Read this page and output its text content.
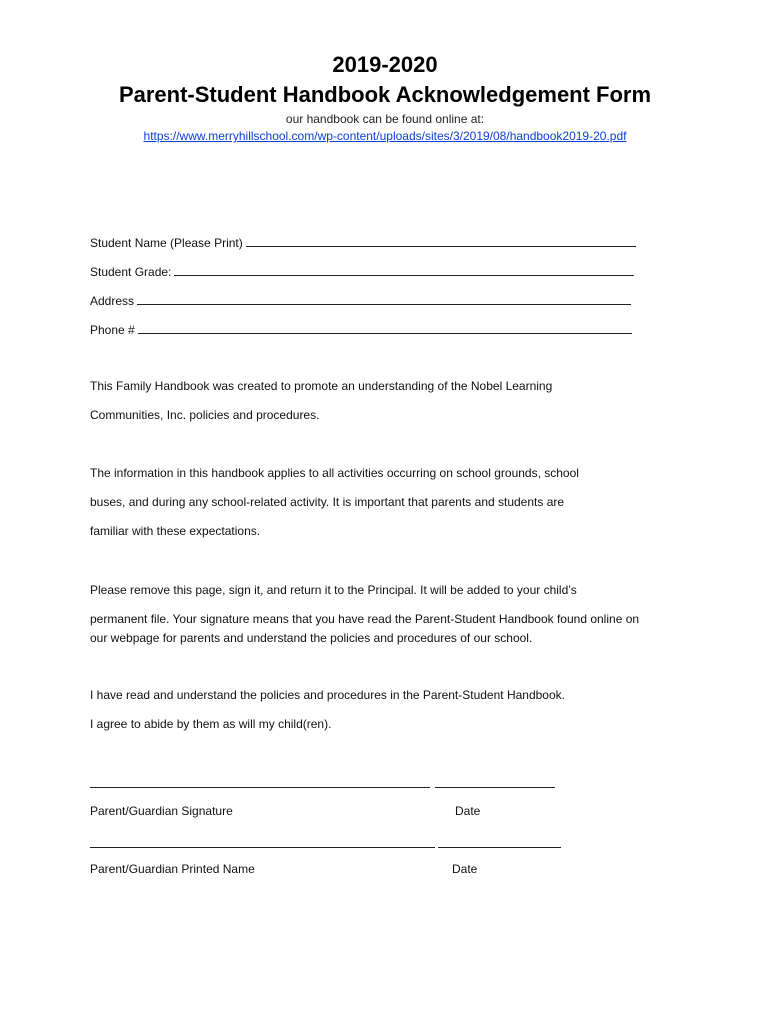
2019-2020
Parent-Student Handbook Acknowledgement Form
our handbook can be found online at:
https://www.merryhillschool.com/wp-content/uploads/sites/3/2019/08/handbook2019-20.pdf
Student Name (Please Print)
Student Grade:
Address
Phone #
This Family Handbook was created to promote an understanding of the Nobel Learning
Communities, Inc. policies and procedures.
The information in this handbook applies to all activities occurring on school grounds, school
buses, and during any school-related activity. It is important that parents and students are
familiar with these expectations.
Please remove this page, sign it, and return it to the Principal. It will be added to your child’s
permanent file. Your signature means that you have read the Parent-Student Handbook found online on
our webpage for parents and understand the policies and procedures of our school.
I have read and understand the policies and procedures in the Parent-Student Handbook.
I agree to abide by them as will my child(ren).
Parent/Guardian Signature	Date
Parent/Guardian Printed Name	Date
